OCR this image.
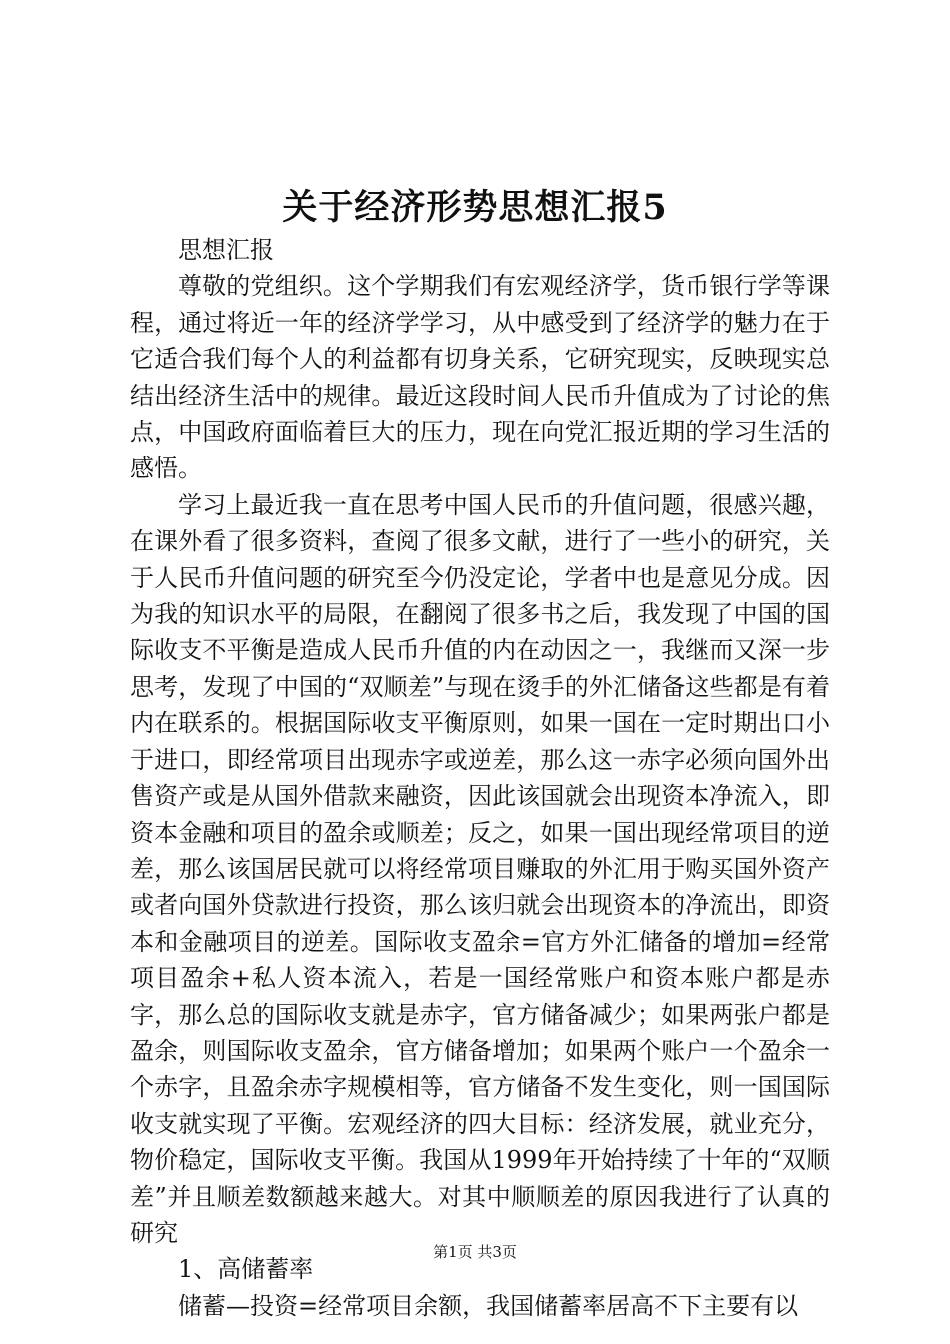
关于经济形势思想汇报5

思想汇报

尊敬的党组织。这个学期我们有宏观经济学，货币银行学等课程，通过将近一年的经济学学习，从中感受到了经济学的魅力在于它适合我们每个人的利益都有切身关系，它研究现实，反映现实总结出经济生活中的规律。最近这段时间人民币升值成为了讨论的焦点，中国政府面临着巨大的压力，现在向党汇报近期的学习生活的感悟。

学习上最近我一直在思考中国人民币的升值问题，很感兴趣，在课外看了很多资料，查阅了很多文献，进行了一些小的研究，关于人民币升值问题的研究至今仍没定论，学者中也是意见分成。因为我的知识水平的局限，在翻阅了很多书之后，我发现了中国的国际收支不平衡是造成人民币升值的内在动因之一，我继而又深一步思考，发现了中国的“双顺差”与现在烫手的外汇储备这些都是有着内在联系的。根据国际收支平衡原则，如果一国在一定时期出口小于进口，即经常项目出现赤字或逆差，那么这一赤字必须向国外出售资产或是从国外借款来融资，因此该国就会出现资本净流入，即资本金融和项目的盈余或顺差；反之，如果一国出现经常项目的逆差，那么该国居民就可以将经常项目赚取的外汇用于购买国外资产或者向国外贷款进行投资，那么该归就会出现资本的净流出，即资本和金融项目的逆差。国际收支盈余=官方外汇储备的增加=经常项目盈余+私人资本流入，若是一国经常账户和资本账户都是赤字，那么总的国际收支就是赤字，官方储备减少；如果两张户都是盈余，则国际收支盈余，官方储备增加；如果两个账户一个盈余一个赤字，且盈余赤字规模相等，官方储备不发生变化，则一国国际收支就实现了平衡。宏观经济的四大目标：经济发展，就业充分，物价稳定，国际收支平衡。我国从1999年开始持续了十年的“双顺差”并且顺差数额越来越大。对其中顺顺差的原因我进行了认真的研究

1、高储蓄率

储蓄—投资=经常项目余额，我国储蓄率居高不下主要有以

第1页 共3页
